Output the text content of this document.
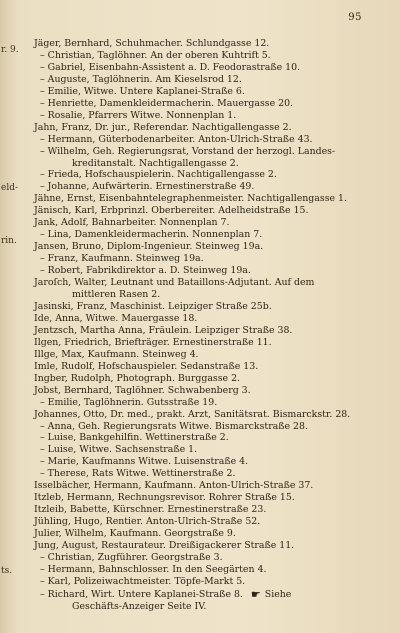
95
r. 9.
eld-
rin.
ts.
Jäger, Bernhard, Schuhmacher. Schlundgasse 12.
– Christian, Taglöhner. An der oberen Kuhtrift 5.
– Gabriel, Eisenbahn-Assistent a. D. Feodorastraße 10.
– Auguste, Taglöhnerin. Am Kieselsrod 12.
– Emilie, Witwe. Untere Kaplanei-Straße 6.
– Henriette, Damenkleidermacherin. Mauergasse 20.
– Rosalie, Pfarrers Witwe. Nonnenplan 1.
Jahn, Franz, Dr. jur., Referendar. Nachtigallengasse 2.
– Hermann, Güterbodenarbeiter. Anton-Ulrich-Straße 43.
– Wilhelm, Geh. Regierungsrat, Vorstand der herzogl. Landes-
kreditanstalt. Nachtigallengasse 2.
– Frieda, Hofschauspielerin. Nachtigallengasse 2.
– Johanne, Aufwärterin. Ernestinerstraße 49.
Jähne, Ernst, Eisenbahntelegraphenmeister. Nachtigallengasse 1.
Jänisch, Karl, Erbprinzl. Oberbereiter. Adelheidstraße 15.
Jank, Adolf, Bahnarbeiter. Nonnenplan 7.
– Lina, Damenkleidermacherin. Nonnenplan 7.
Jansen, Bruno, Diplom-Ingenieur. Steinweg 19a.
– Franz, Kaufmann. Steinweg 19a.
– Robert, Fabrikdirektor a. D. Steinweg 19a.
Jaroſch, Walter, Leutnant und Bataillons-Adjutant. Auf dem
mittleren Rasen 2.
Jasinski, Franz, Maschinist. Leipziger Straße 25b.
Ide, Anna, Witwe. Mauergasse 18.
Jentzsch, Martha Anna, Fräulein. Leipziger Straße 38.
Ilgen, Friedrich, Briefträger. Ernestinerstraße 11.
Illge, Max, Kaufmann. Steinweg 4.
Imle, Rudolf, Hofschauspieler. Sedanstraße 13.
Ingber, Rudolph, Photograph. Burggasse 2.
Jobst, Bernhard, Taglöhner. Schwabenberg 3.
– Emilie, Taglöhnerin. Gutsstraße 19.
Johannes, Otto, Dr. med., prakt. Arzt, Sanitätsrat. Bismarckstr. 28.
– Anna, Geh. Regierungsrats Witwe. Bismarckstraße 28.
– Luise, Bankgehilfin. Wettinerstraße 2.
– Luise, Witwe. Sachsenstraße 1.
– Marie, Kaufmanns Witwe. Luisenstraße 4.
– Therese, Rats Witwe. Wettinerstraße 2.
Isselbächer, Hermann, Kaufmann. Anton-Ulrich-Straße 37.
Itzleb, Hermann, Rechnungsrevisor. Rohrer Straße 15.
Itzleib, Babette, Kürschner. Ernestinerstraße 23.
Jühling, Hugo, Rentier. Anton-Ulrich-Straße 52.
Julier, Wilhelm, Kaufmann. Georgstraße 9.
Jung, August, Restaurateur. Dreißigackerer Straße 11.
– Christian, Zugführer. Georgstraße 3.
– Hermann, Bahnschlosser. In den Seegärten 4.
– Karl, Polizeiwachtmeister. Töpfe-Markt 5.
– Richard, Wirt. Untere Kaplanei-Straße 8. ☛ Siehe
Geschäfts-Anzeiger Seite IV.
